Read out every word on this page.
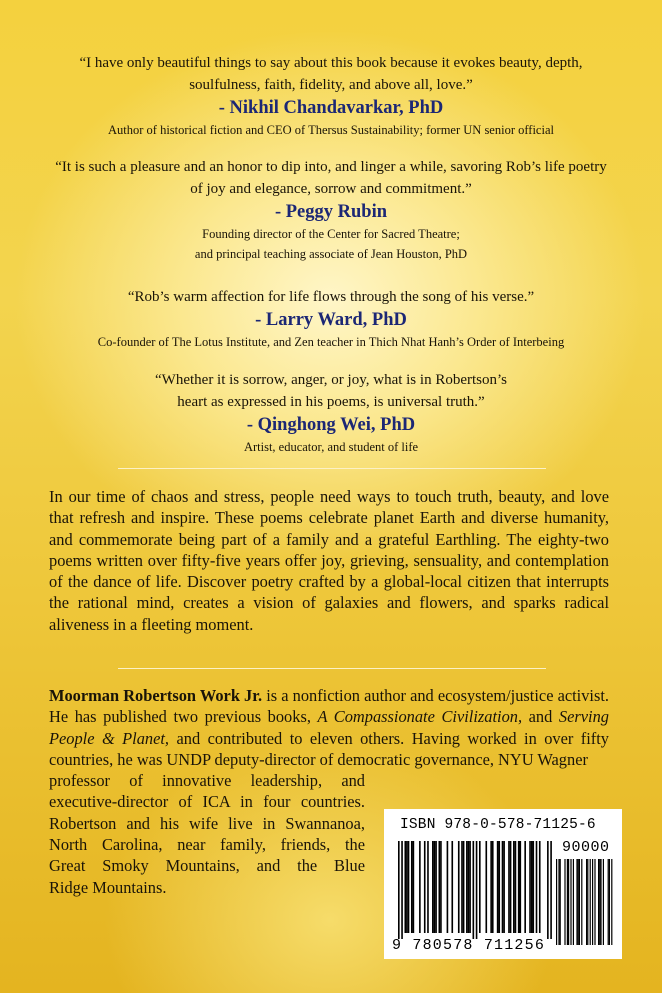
“I have only beautiful things to say about this book because it evokes beauty, depth,

soulfulness, faith, fidelity, and above all, love.”

- Nikhil Chandavarkar, PhD

Author of historical fiction and CEO of Thersus Sustainability; former UN senior official

“It is such a pleasure and an honor to dip into, and linger a while, savoring Rob’s life poetry

of joy and elegance, sorrow and commitment.”

- Peggy Rubin

Founding director of the Center for Sacred Theatre;

and principal teaching associate of Jean Houston, PhD

“Rob’s warm affection for life flows through the song of his verse.”

- Larry Ward, PhD

Co-founder of The Lotus Institute, and Zen teacher in Thich Nhat Hanh’s Order of Interbeing

“Whether it is sorrow, anger, or joy, what is in Robertson’s

heart as expressed in his poems, is universal truth.”

- Qinghong Wei, PhD

Artist, educator, and student of life

In our time of chaos and stress, people need ways to touch truth, beauty, and love that refresh and inspire. These poems celebrate planet Earth and diverse humanity, and commemorate being part of a family and a grateful Earthling. The eighty-two poems written over fifty-five years offer joy, grieving, sensuality, and contemplation of the dance of life. Discover poetry crafted by a global-local citizen that interrupts the rational mind, creates a vision of galaxies and flowers, and sparks radical aliveness in a fleeting moment.

Moorman Robertson Work Jr. is a nonfiction author and ecosystem/justice activist. He has published two previous books, A Compassionate Civilization, and Serving People & Planet, and contributed to eleven others. Having worked in over fifty countries, he was UNDP deputy-director of democratic governance, NYU Wagner
professor of innovative leadership, and
executive-director of ICA in four countries.
Robertson and his wife live in Swannanoa,
North Carolina, near family, friends, the
Great Smoky Mountains, and the Blue
Ridge Mountains.
ISBN 978-0-578-71125-6
90000
9 780578 711256
